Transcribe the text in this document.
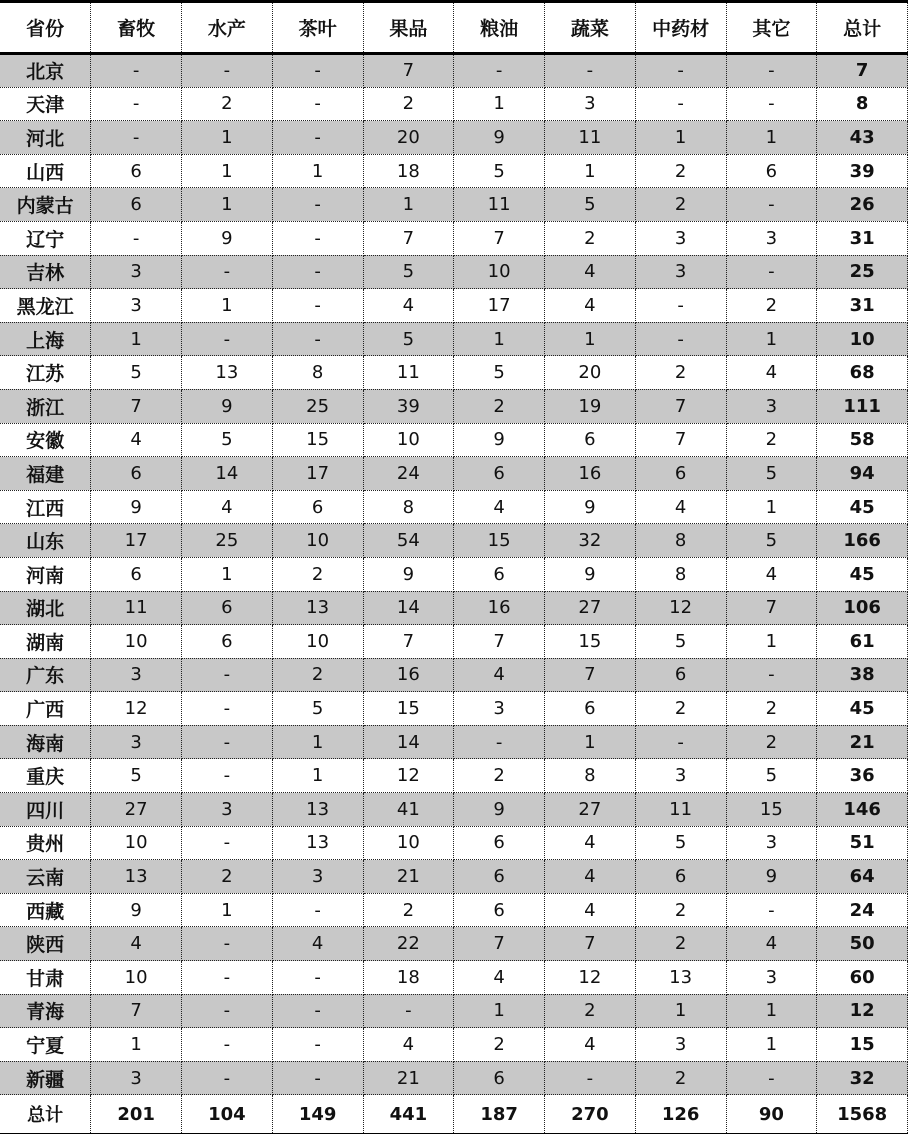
省份	畜牧	水产	茶叶	果品	粮油	蔬菜	中药材	其它	总计
北京	-	-	-	7	-	-	-	-	7
天津	-	2	-	2	1	3	-	-	8
河北	-	1	-	20	9	11	1	1	43
山西	6	1	1	18	5	1	2	6	39
内蒙古	6	1	-	1	11	5	2	-	26
辽宁	-	9	-	7	7	2	3	3	31
吉林	3	-	-	5	10	4	3	-	25
黑龙江	3	1	-	4	17	4	-	2	31
上海	1	-	-	5	1	1	-	1	10
江苏	5	13	8	11	5	20	2	4	68
浙江	7	9	25	39	2	19	7	3	111
安徽	4	5	15	10	9	6	7	2	58
福建	6	14	17	24	6	16	6	5	94
江西	9	4	6	8	4	9	4	1	45
山东	17	25	10	54	15	32	8	5	166
河南	6	1	2	9	6	9	8	4	45
湖北	11	6	13	14	16	27	12	7	106
湖南	10	6	10	7	7	15	5	1	61
广东	3	-	2	16	4	7	6	-	38
广西	12	-	5	15	3	6	2	2	45
海南	3	-	1	14	-	1	-	2	21
重庆	5	-	1	12	2	8	3	5	36
四川	27	3	13	41	9	27	11	15	146
贵州	10	-	13	10	6	4	5	3	51
云南	13	2	3	21	6	4	6	9	64
西藏	9	1	-	2	6	4	2	-	24
陕西	4	-	4	22	7	7	2	4	50
甘肃	10	-	-	18	4	12	13	3	60
青海	7	-	-	-	1	2	1	1	12
宁夏	1	-	-	4	2	4	3	1	15
新疆	3	-	-	21	6	-	2	-	32
总计	201	104	149	441	187	270	126	90	1568
